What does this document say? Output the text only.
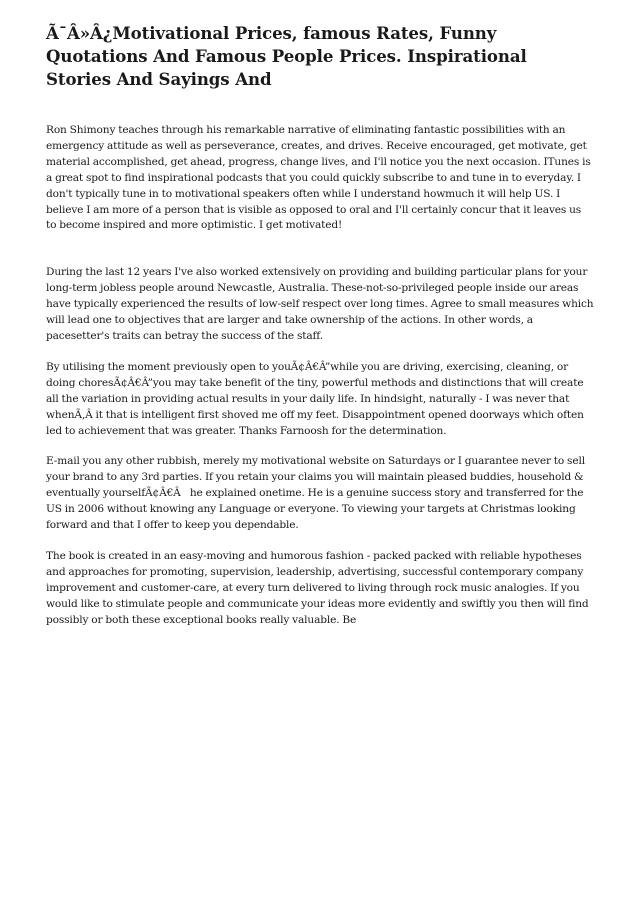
Ã¯Â»Â¿Motivational Prices, famous Rates, Funny Quotations And Famous People Prices. Inspirational Stories And Sayings And

Ron Shimony teaches through his remarkable narrative of eliminating fantastic possibilities with an emergency attitude as well as perseverance, creates, and drives. Receive encouraged, get motivate, get material accomplished, get ahead, progress, change lives, and I'll notice you the next occasion. ITunes is a great spot to find inspirational podcasts that you could quickly subscribe to and tune in to everyday. I don't typically tune in to motivational speakers often while I understand howmuch it will help US. I believe I am more of a person that is visible as opposed to oral and I'll certainly concur that it leaves us to become inspired and more optimistic. I get motivated!

During the last 12 years I've also worked extensively on providing and building particular plans for your long-term jobless people around Newcastle, Australia. These-not-so-privileged people inside our areas have typically experienced the results of low-self respect over long times. Agree to small measures which will lead one to objectives that are larger and take ownership of the actions. In other words, a pacesetter's traits can betray the success of the staff.

By utilising the moment previously open to youÃ¢Â€Â”while you are driving, exercising, cleaning, or doing choresÃ¢Â€Â”you may take benefit of the tiny, powerful methods and distinctions that will create all the variation in providing actual results in your daily life. In hindsight, naturally - I was never that whenÃ‚Â it that is intelligent first shoved me off my feet. Disappointment opened doorways which often led to achievement that was greater. Thanks Farnoosh for the determination.

E-mail you any other rubbish, merely my motivational website on Saturdays or I guarantee never to sell your brand to any 3rd parties. If you retain your claims you will maintain pleased buddies, household & eventually yourselfÃ¢Â€Â he explained onetime. He is a genuine success story and transferred for the US in 2006 without knowing any Language or everyone. To viewing your targets at Christmas looking forward and that I offer to keep you dependable.

The book is created in an easy-moving and humorous fashion - packed packed with reliable hypotheses and approaches for promoting, supervision, leadership, advertising, successful contemporary company improvement and customer-care, at every turn delivered to living through rock music analogies. If you would like to stimulate people and communicate your ideas more evidently and swiftly you then will find possibly or both these exceptional books really valuable. Be
